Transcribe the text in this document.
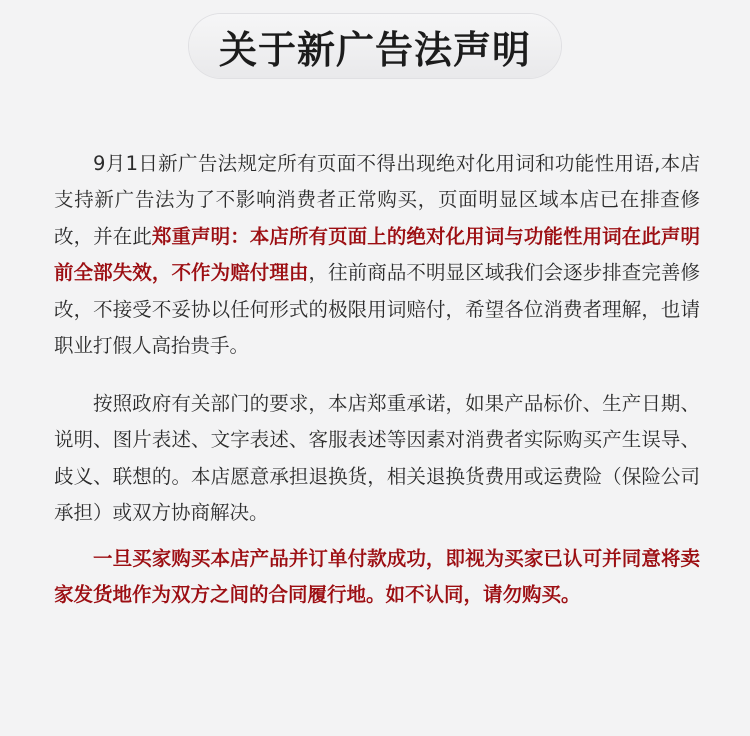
关于新广告法声明

9月1日新广告法规定所有页面不得出现绝对化用词和功能性用语,本店支持新广告法为了不影响消费者正常购买，页面明显区域本店已在排查修改，并在此郑重声明：本店所有页面上的绝对化用词与功能性用词在此声明前全部失效，不作为赔付理由，往前商品不明显区域我们会逐步排查完善修改，不接受不妥协以任何形式的极限用词赔付，希望各位消费者理解，也请职业打假人高抬贵手。

按照政府有关部门的要求，本店郑重承诺，如果产品标价、生产日期、说明、图片表述、文字表述、客服表述等因素对消费者实际购买产生误导、歧义、联想的。本店愿意承担退换货，相关退换货费用或运费险（保险公司承担）或双方协商解决。

一旦买家购买本店产品并订单付款成功，即视为买家已认可并同意将卖家发货地作为双方之间的合同履行地。如不认同，请勿购买。
